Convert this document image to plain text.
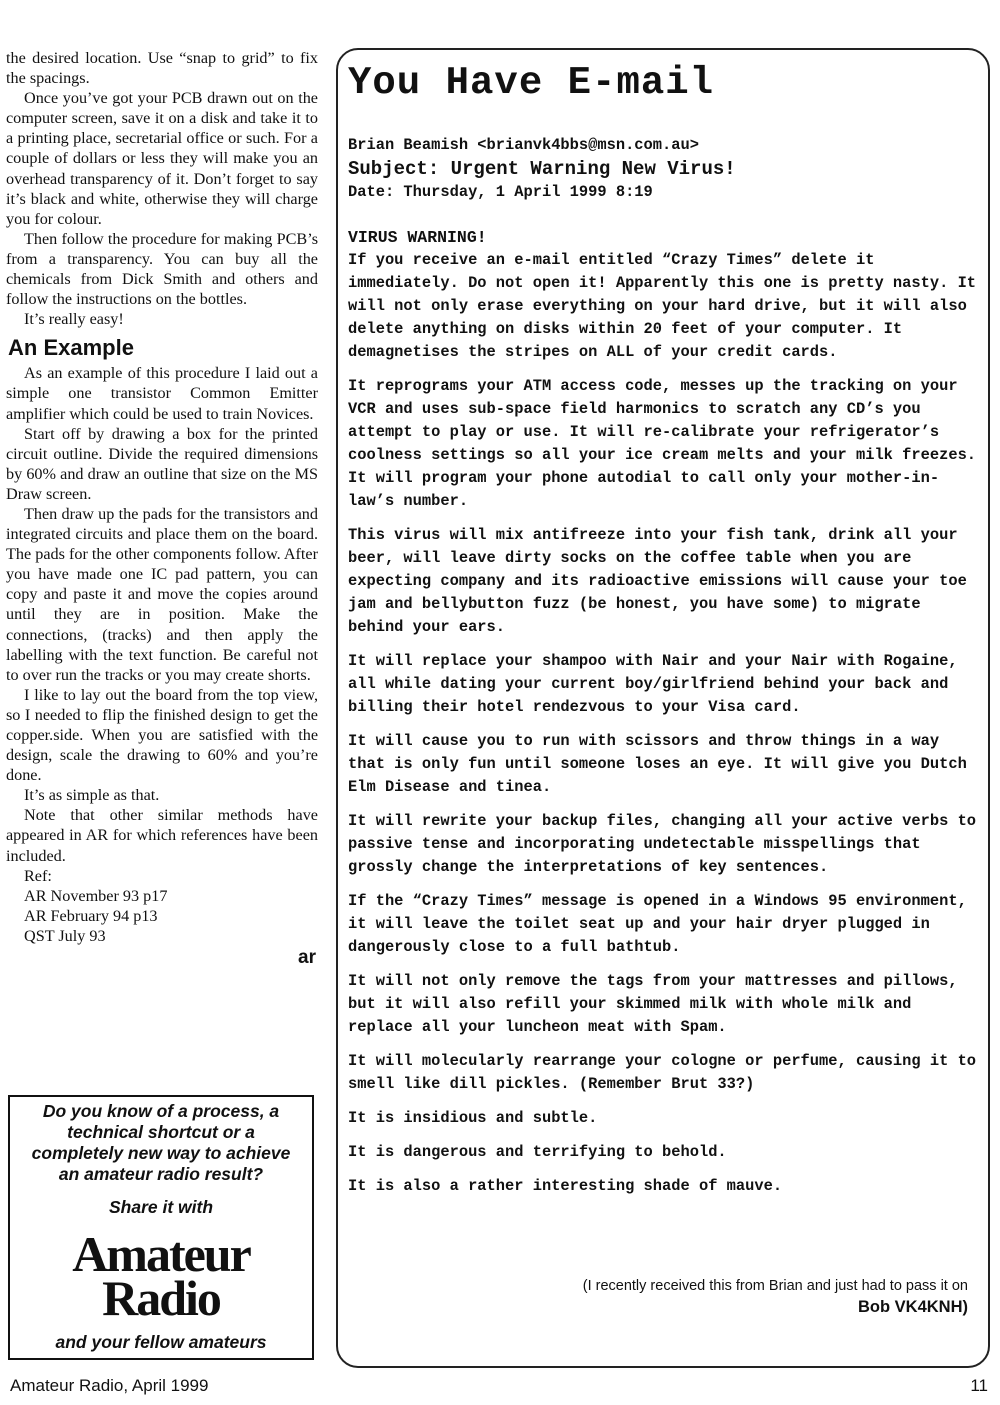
the desired location. Use “snap to grid” to fix the spacings.

Once you’ve got your PCB drawn out on the computer screen, save it on a disk and take it to a printing place, secretarial office or such. For a couple of dollars or less they will make you an overhead transparency of it. Don’t forget to say it’s black and white, otherwise they will charge you for colour.

Then follow the procedure for making PCB’s from a transparency. You can buy all the chemicals from Dick Smith and others and follow the instructions on the bottles.

It’s really easy!

An Example

As an example of this procedure I laid out a simple one transistor Common Emitter amplifier which could be used to train Novices.

Start off by drawing a box for the printed circuit outline. Divide the required dimensions by 60% and draw an outline that size on the MS Draw screen.

Then draw up the pads for the transistors and integrated circuits and place them on the board. The pads for the other components follow. After you have made one IC pad pattern, you can copy and paste it and move the copies around until they are in position. Make the connections, (tracks) and then apply the labelling with the text function. Be careful not to over run the tracks or you may create shorts.

I like to lay out the board from the top view, so I needed to flip the finished design to get the copper.side. When you are satisfied with the design, scale the drawing to 60% and you’re done.

It’s as simple as that.

Note that other similar methods have appeared in AR for which references have been included.

Ref:

AR November 93 p17
AR February 94 p13
QST July 93
ar
Do you know of a process, a technical shortcut or a completely new way to achieve an amateur radio result?
Share it with
Amateur
Radio
and your fellow amateurs
You Have E-mail
Brian Beamish <brianvk4bbs@msn.com.au>
Subject: Urgent Warning New Virus!
Date: Thursday, 1 April 1999 8:19
VIRUS WARNING!

If you receive an e-mail entitled “Crazy Times” delete it immediately. Do not open it! Apparently this one is pretty nasty. It will not only erase everything on your hard drive, but it will also delete anything on disks within 20 feet of your computer. It demagnetises the stripes on ALL of your credit cards.

It reprograms your ATM access code, messes up the tracking on your VCR and uses sub-space field harmonics to scratch any CD’s you attempt to play or use. It will re-calibrate your refrigerator’s coolness settings so all your ice cream melts and your milk freezes. It will program your phone autodial to call only your mother-in-law’s number.

This virus will mix antifreeze into your fish tank, drink all your beer, will leave dirty socks on the coffee table when you are expecting company and its radioactive emissions will cause your toe jam and bellybutton fuzz (be honest, you have some) to migrate behind your ears.

It will replace your shampoo with Nair and your Nair with Rogaine, all while dating your current boy/girlfriend behind your back and billing their hotel rendezvous to your Visa card.

It will cause you to run with scissors and throw things in a way that is only fun until someone loses an eye. It will give you Dutch Elm Disease and tinea.

It will rewrite your backup files, changing all your active verbs to passive tense and incorporating undetectable misspellings that grossly change the interpretations of key sentences.

If the “Crazy Times” message is opened in a Windows 95 environment, it will leave the toilet seat up and your hair dryer plugged in dangerously close to a full bathtub.

It will not only remove the tags from your mattresses and pillows, but it will also refill your skimmed milk with whole milk and replace all your luncheon meat with Spam.

It will molecularly rearrange your cologne or perfume, causing it to smell like dill pickles. (Remember Brut 33?)

It is insidious and subtle.

It is dangerous and terrifying to behold.

It is also a rather interesting shade of mauve.

(I recently received this from Brian and just had to pass it on
Bob VK4KNH)
Amateur Radio, April 1999	11
